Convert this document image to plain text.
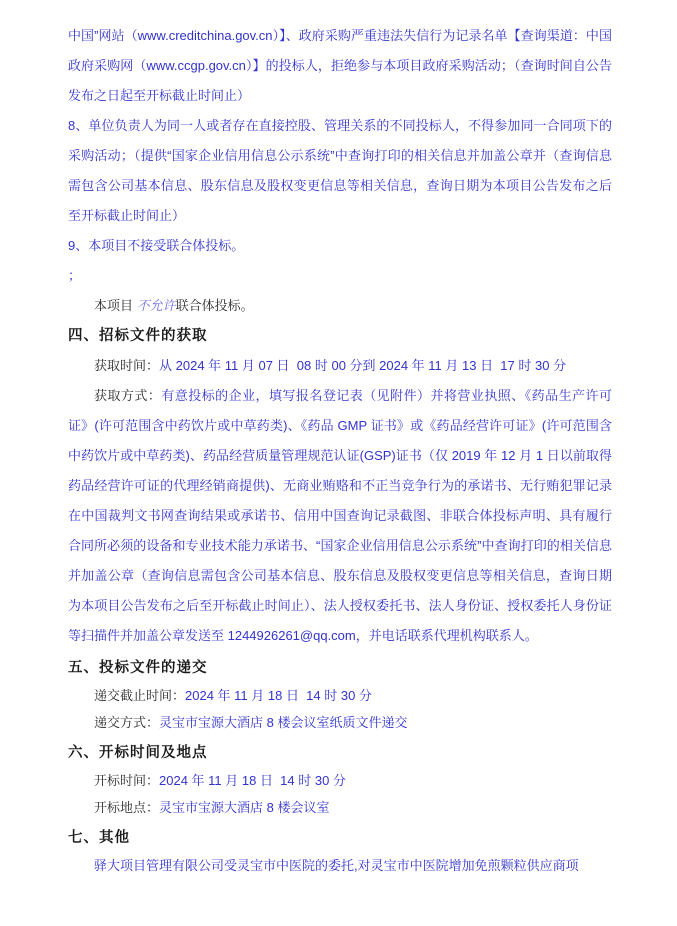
中国”网站（www.creditchina.gov.cn）】、政府采购严重违法失信行为记录名单【查询渠道：中国政府采购网（www.ccgp.gov.cn）】的投标人，拒绝参与本项目政府采购活动；（查询时间自公告发布之日起至开标截止时间止）

8、单位负责人为同一人或者存在直接控股、管理关系的不同投标人，不得参加同一合同项下的采购活动；（提供“国家企业信用信息公示系统”中查询打印的相关信息并加盖公章并（查询信息需包含公司基本信息、股东信息及股权变更信息等相关信息，查询日期为本项目公告发布之后至开标截止时间止）

9、本项目不接受联合体投标。

；

本项目 不允许联合体投标。

四、招标文件的获取

获取时间：从 2024 年 11 月 07 日  08 时 00 分到 2024 年 11 月 13 日  17 时 30 分

获取方式：有意投标的企业，填写报名登记表（见附件）并将营业执照、《药品生产许可证》(许可范围含中药饮片或中草药类)、《药品 GMP 证书》或《药品经营许可证》(许可范围含中药饮片或中草药类)、药品经营质量管理规范认证(GSP)证书（仅 2019 年 12 月 1 日以前取得药品经营许可证的代理经销商提供)、无商业贿赂和不正当竞争行为的承诺书、无行贿犯罪记录在中国裁判文书网查询结果或承诺书、信用中国查询记录截图、非联合体投标声明、具有履行合同所必须的设备和专业技术能力承诺书、“国家企业信用信息公示系统”中查询打印的相关信息并加盖公章（查询信息需包含公司基本信息、股东信息及股权变更信息等相关信息，查询日期为本项目公告发布之后至开标截止时间止）、法人授权委托书、法人身份证、授权委托人身份证等扫描件并加盖公章发送至 1244926261@qq.com，并电话联系代理机构联系人。

五、投标文件的递交

递交截止时间：2024 年 11 月 18 日  14 时 30 分

递交方式：灵宝市宝源大酒店 8 楼会议室纸质文件递交

六、开标时间及地点

开标时间：2024 年 11 月 18 日  14 时 30 分

开标地点：灵宝市宝源大酒店 8 楼会议室

七、其他

驿大项目管理有限公司受灵宝市中医院的委托,对灵宝市中医院增加免煎颗粒供应商项
